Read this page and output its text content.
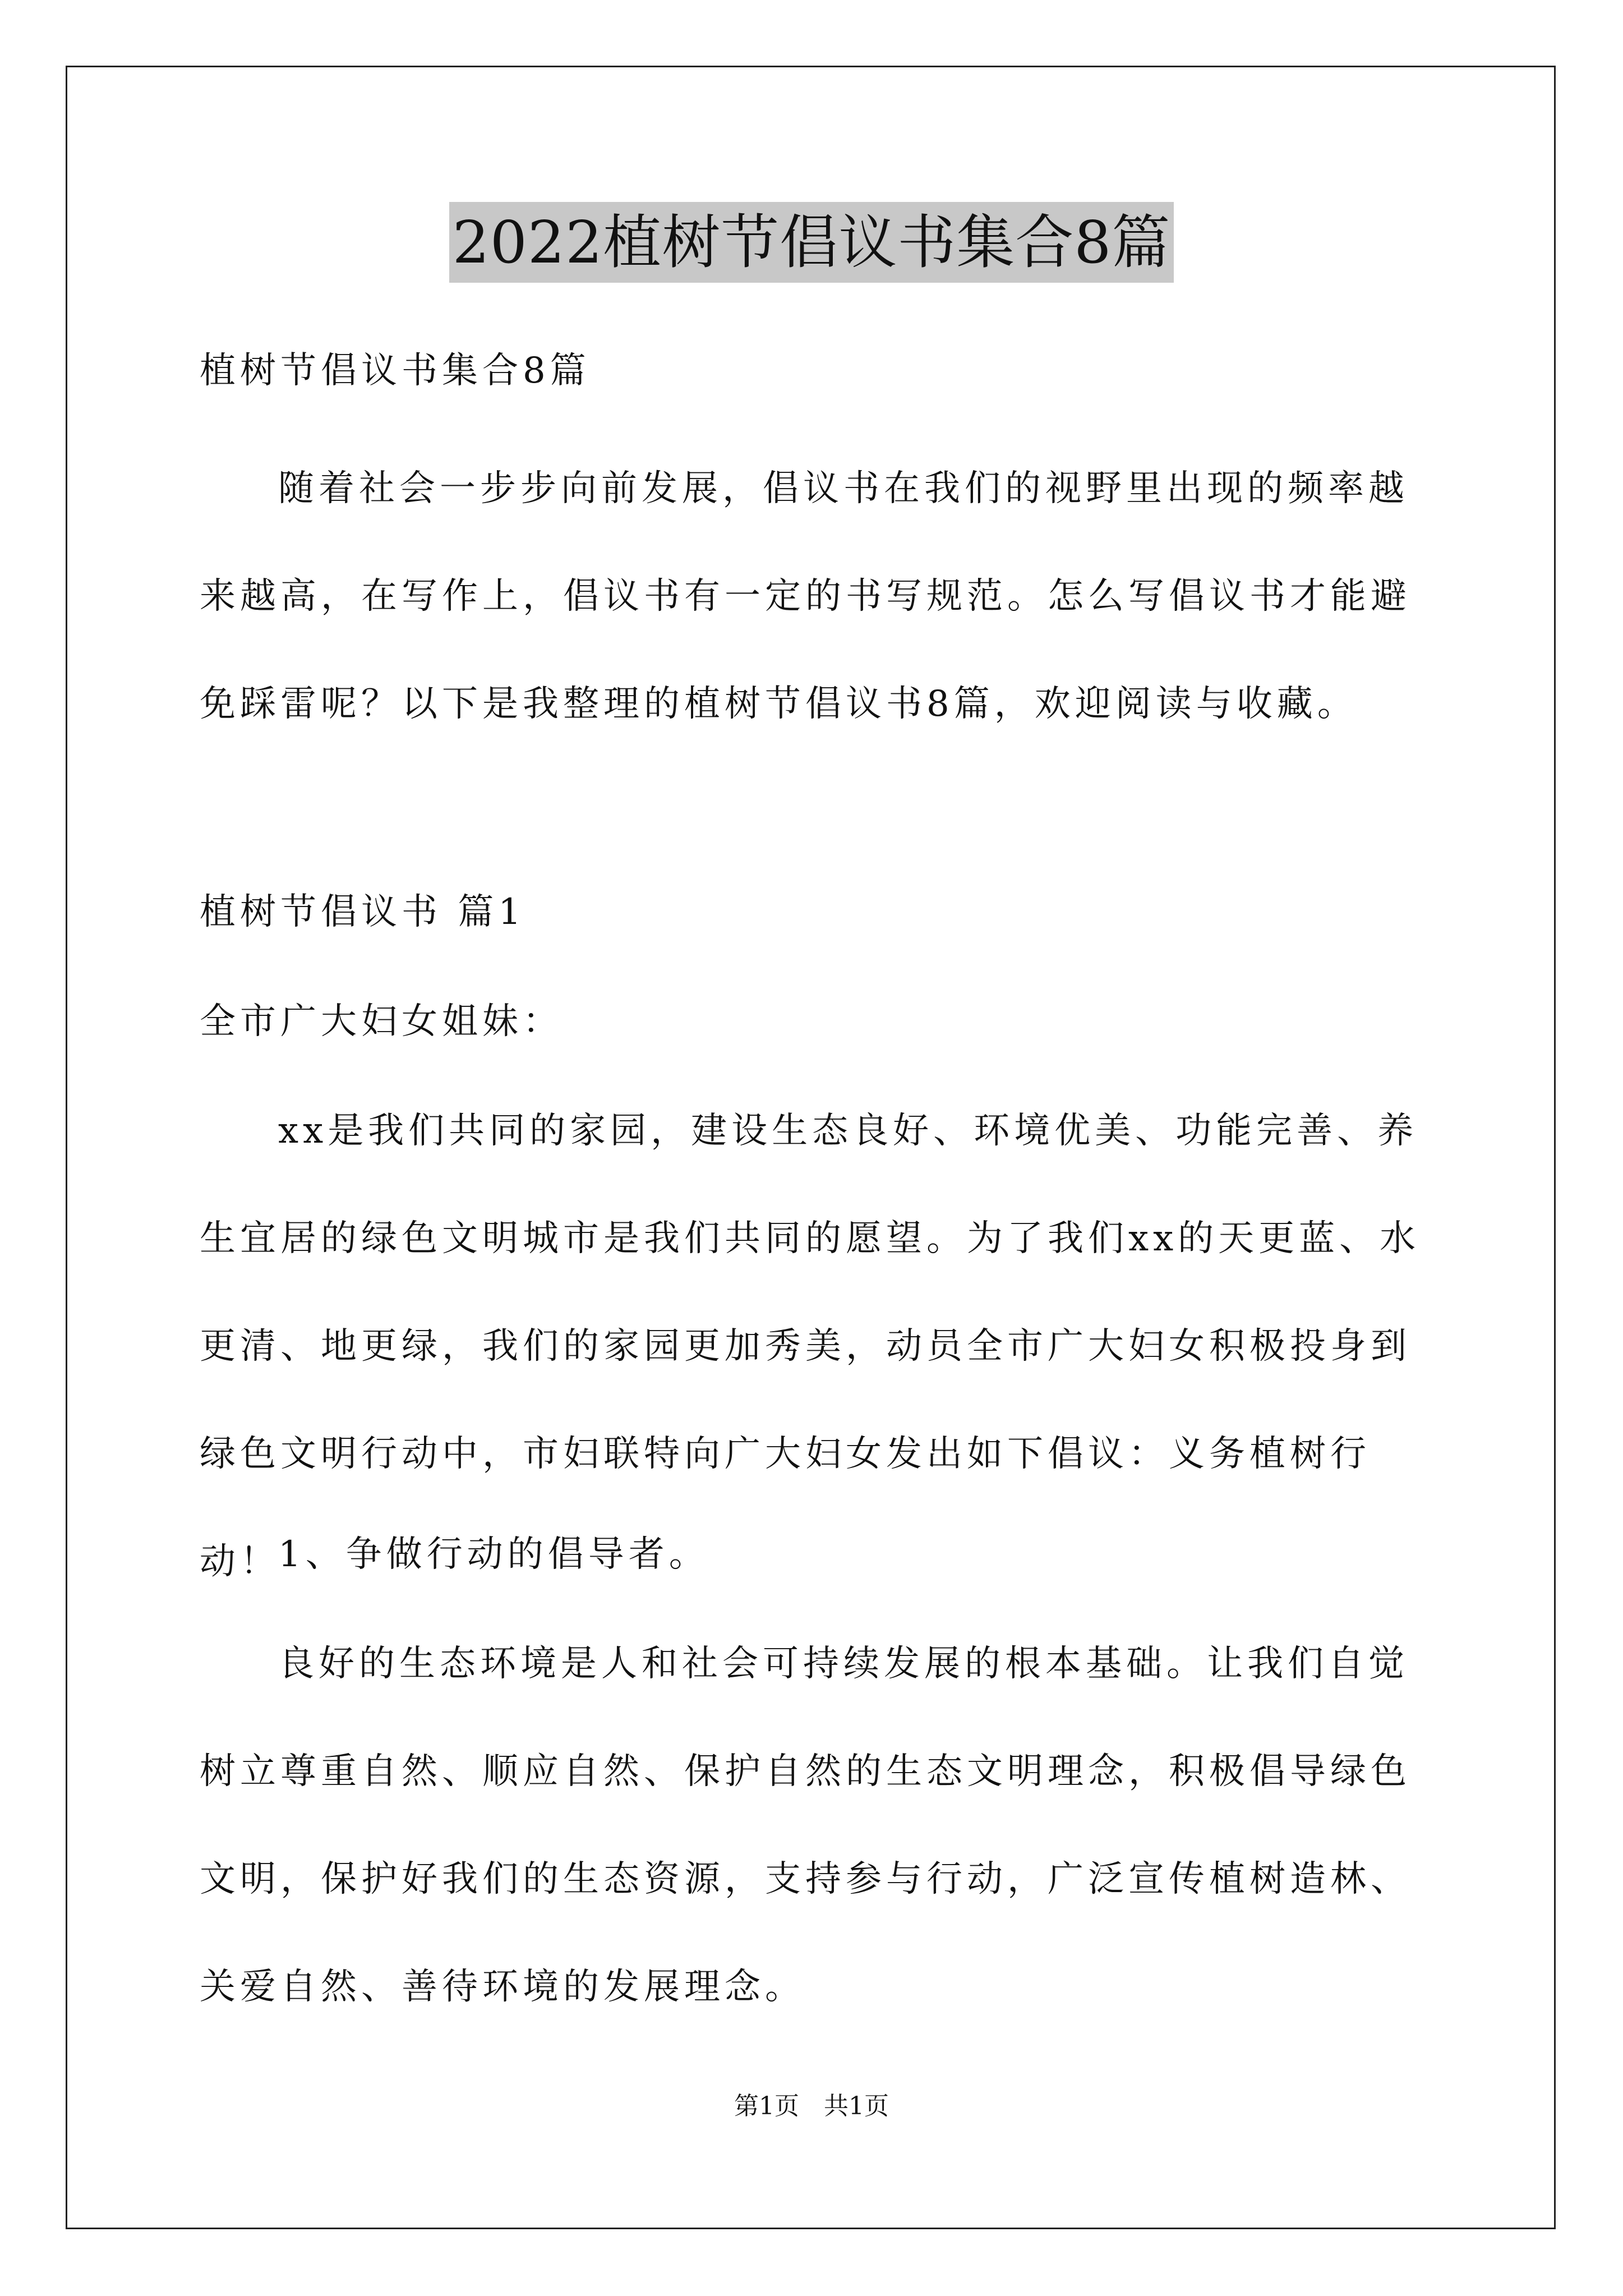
2022植树节倡议书集合8篇

植树节倡议书集合8篇

随着社会一步步向前发展，倡议书在我们的视野里出现的频率越来越高，在写作上，倡议书有一定的书写规范。怎么写倡议书才能避免踩雷呢？以下是我整理的植树节倡议书8篇，欢迎阅读与收藏。

植树节倡议书 篇1

全市广大妇女姐妹：

xx是我们共同的家园，建设生态良好、环境优美、功能完善、养生宜居的绿色文明城市是我们共同的愿望。为了我们xx的天更蓝、水更清、地更绿，我们的家园更加秀美，动员全市广大妇女积极投身到绿色文明行动中，市妇联特向广大妇女发出如下倡议：义务植树行动！

1、争做行动的倡导者。

良好的生态环境是人和社会可持续发展的根本基础。让我们自觉树立尊重自然、顺应自然、保护自然的生态文明理念，积极倡导绿色文明，保护好我们的生态资源，支持参与行动，广泛宣传植树造林、关爱自然、善待环境的发展理念。

第1页　共1页
